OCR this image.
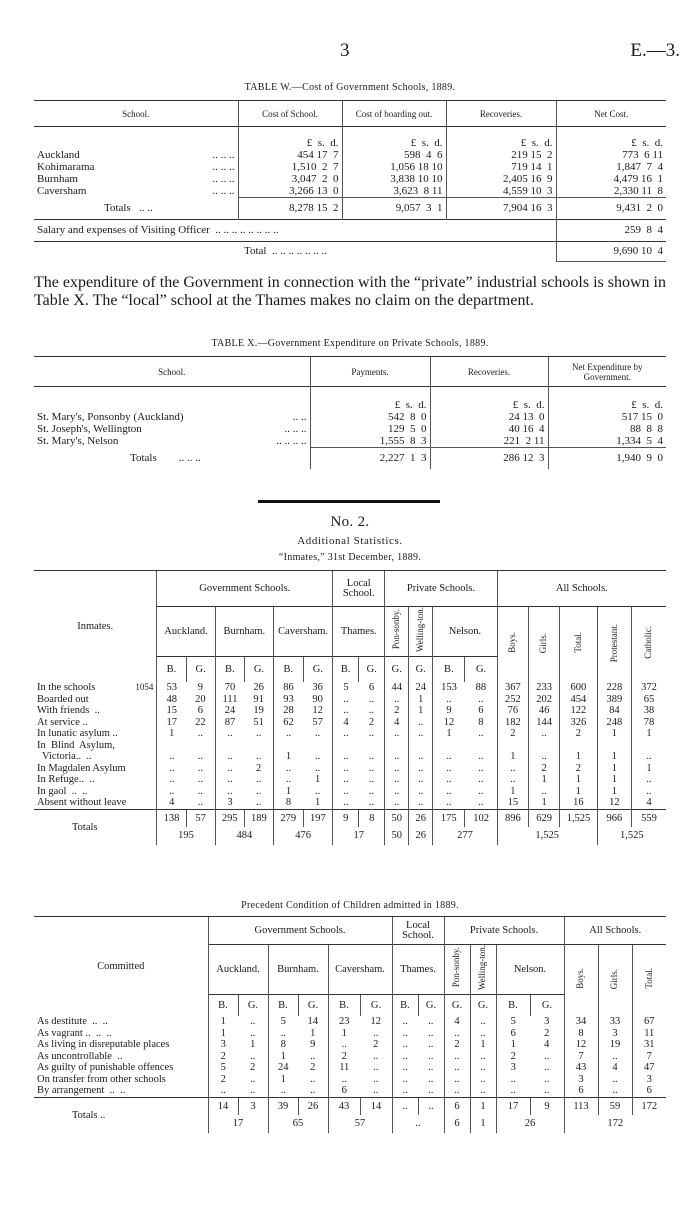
3	E.—3.
TABLE W.—Cost of Government Schools, 1889.
School.	Cost of School.	Cost of boarding out.	Recoveries.	Net Cost.
	£  s.  d.	£  s.  d.	£  s.  d.	£  s.  d.
Auckland .. .. ..	454 17  7	598  4  6	219 15  2	773  6 11
Kohimarama .. .. ..	1,510  2  7	1,056 18 10	719 14  1	1,847  7  4
Burnham .. .. ..	3,047  2  0	3,838 10 10	2,405 16  9	4,479 16  1
Caversham .. .. ..	3,266 13  0	3,623  8 11	4,559 10  3	2,330 11  8
Totals .. ..	8,278 15  2	9,057  3  1	7,904 16  3	9,431  2  0
Salary and expenses of Visiting Officer .. .. .. .. .. .. .. ..				259  8  4
Total .. .. .. .. .. .. ..				9,690 10  4
The expenditure of the Government in connection with the “private” industrial schools is shown in Table X. The “local” school at the Thames makes no claim on the department.
TABLE X.—Government Expenditure on Private Schools, 1889.
School.	Payments.	Recoveries.	Net Expenditure by Government.
	£  s.  d.	£  s.  d.	£  s.  d.
St. Mary's, Ponsonby (Auckland) .. ..	542  8  0	24 13  0	517 15  0
St. Joseph's, Wellington .. .. ..	129  5  0	40 16  4	88  8  8
St. Mary's, Nelson .. .. .. ..	1,555  8  3	221  2 11	1,334  5  4
Totals .. .. ..	2,227  1  3	286 12  3	1,940  9  0
No. 2.
Additional Statistics.
“Inmates,” 31st December, 1889.
Inmates.	Government Schools.						Local School.		Private Schools.				All Schools.				
	Auckland.		Burnham.		Caversham.		Thames.		Pon-sonby.	Welling-ton.	Nelson.		Boys.	Girls.	Total.	Protestant.	Catholic.
	B.	G.	B.	G.	B.	G.	B.	G.	G.	G.	B.	G.					
In the schools 1054	53	9	70	26	86	36	5	6	44	24	153	88	367	233	600	228	372
Boarded out	48	20	111	91	93	90	..	..	..	1	..	..	252	202	454	389	65
With friends  ..	15	6	24	19	28	12	..	..	2	1	9	6	76	46	122	84	38
At service ..	17	22	87	51	62	57	4	2	4	..	12	8	182	144	326	248	78
In lunatic asylum ..	1	..	..	..	..	..	..	..	..	..	1	..	2	..	2	1	1
In  Blind  Asylum,																	
Victoria..  ..	..	..	..	..	1	..	..	..	..	..	..	..	1	..	1	1	..
In Magdalen Asylum	..	..	..	2	..	..	..	..	..	..	..	..	..	2	2	1	1
In Refuge..  ..	..	..	..	..	..	1	..	..	..	..	..	..	..	1	1	1	..
In gaol  ..  ..	..	..	..	..	1	..	..	..	..	..	..	..	1	..	1	1	..
Absent without leave	4	..	3	..	8	1	..	..	..	..	..	..	15	1	16	12	4
Totals	138	57	295	189	279	197	9	8	50	26	175	102	896	629	1,525	966	559
	195		484		476		17		50	26	277		1,525			1,525	
Precedent Condition of Children admitted in 1889.
Committed	Government Schools.						Local School.		Private Schools.				All Schools.		
	Auckland.		Burnham.		Caversham.		Thames.		Pon-sonby.	Welling-ton.	Nelson.		Boys.	Girls.	Total.
	B.	G.	B.	G.	B.	G.	B.	G.	G.	G.	B.	G.			
As destitute  ..  ..	1	..	5	14	23	12	..	..	4	..	5	3	34	33	67
As vagrant ..  ..  ..	1	..	..	1	1	..	..	..	..	..	6	2	8	3	11
As living in disreputable places	3	1	8	9	..	2	..	..	2	1	1	4	12	19	31
As uncontrollable  ..	2	..	1	..	2	..	..	..	..	..	2	..	7	..	7
As guilty of punishable offences	5	2	24	2	11	..	..	..	..	..	3	..	43	4	47
On transfer from other schools	2	..	1	..	..	..	..	..	..	..	..	..	3	..	3
By arrangement  ..  ..	..	..	..	..	6	..	..	..	..	..	..	..	6	..	6
Totals ..	14	3	39	26	43	14	..	..	6	1	17	9	113	59	172
	17		65		57		..		6	1	26		172		
